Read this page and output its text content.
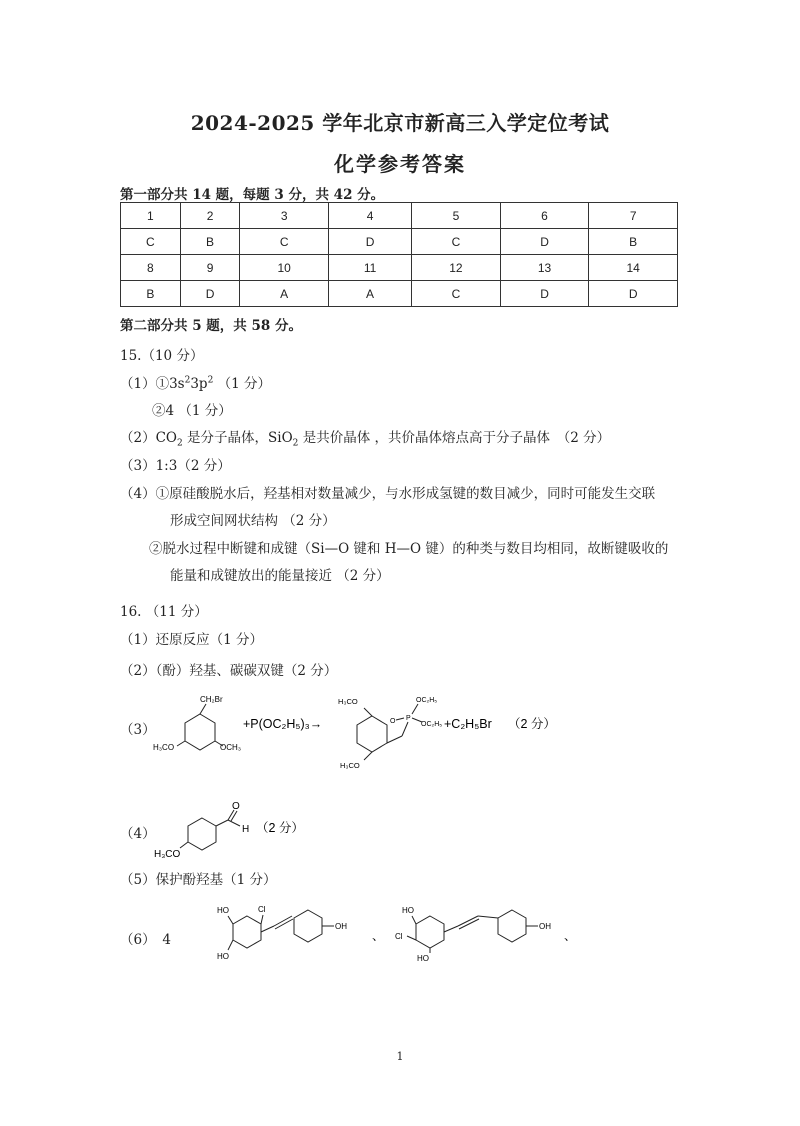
2024-2025 学年北京市新高三入学定位考试
化学参考答案
第一部分共 14 题，每题 3 分，共 42 分。
1	2	3	4	5	6	7
C	B	C	D	C	D	B
8	9	10	11	12	13	14
B	D	A	A	C	D	D
第二部分共 5 题，共 58 分。
15.（10 分）
$(1)①3s^23p^2$ （1 分）
②4 （1 分）
$(2)CO_2$ 是分子晶体，SiO$_2$ 是共价晶体 ，共价晶体熔点高于分子晶体　（2 分）
（3）1:3（2 分）
（4）①原硅酸脱水后，羟基相对数量减少，与水形成氢键的数目减少，同时可能发生交联
形成空间网状结构 （2 分）
②脱水过程中断键和成键（Si—O 键和 H—O 键）的种类与数目均相同，故断键吸收的
能量和成键放出的能量接近 （2 分）
16. （11 分）
（1）还原反应（1 分）
（2）（酚）羟基、碳碳双键（2 分）
（3）
CH₂Br
H₃CO	OCH₃
+P(OC₂H₅)₃→
H₃CO
H₃CO
O P
OC₂H₅
OC₂H₅ +C₂H₅Br （2 分）
（4）
O
H
H₃CO
（2 分）
（5）保护酚羟基（1 分）
（6）　4
HO	Cl
HO
OH
、
HO
Cl
HO
OH
、
1
